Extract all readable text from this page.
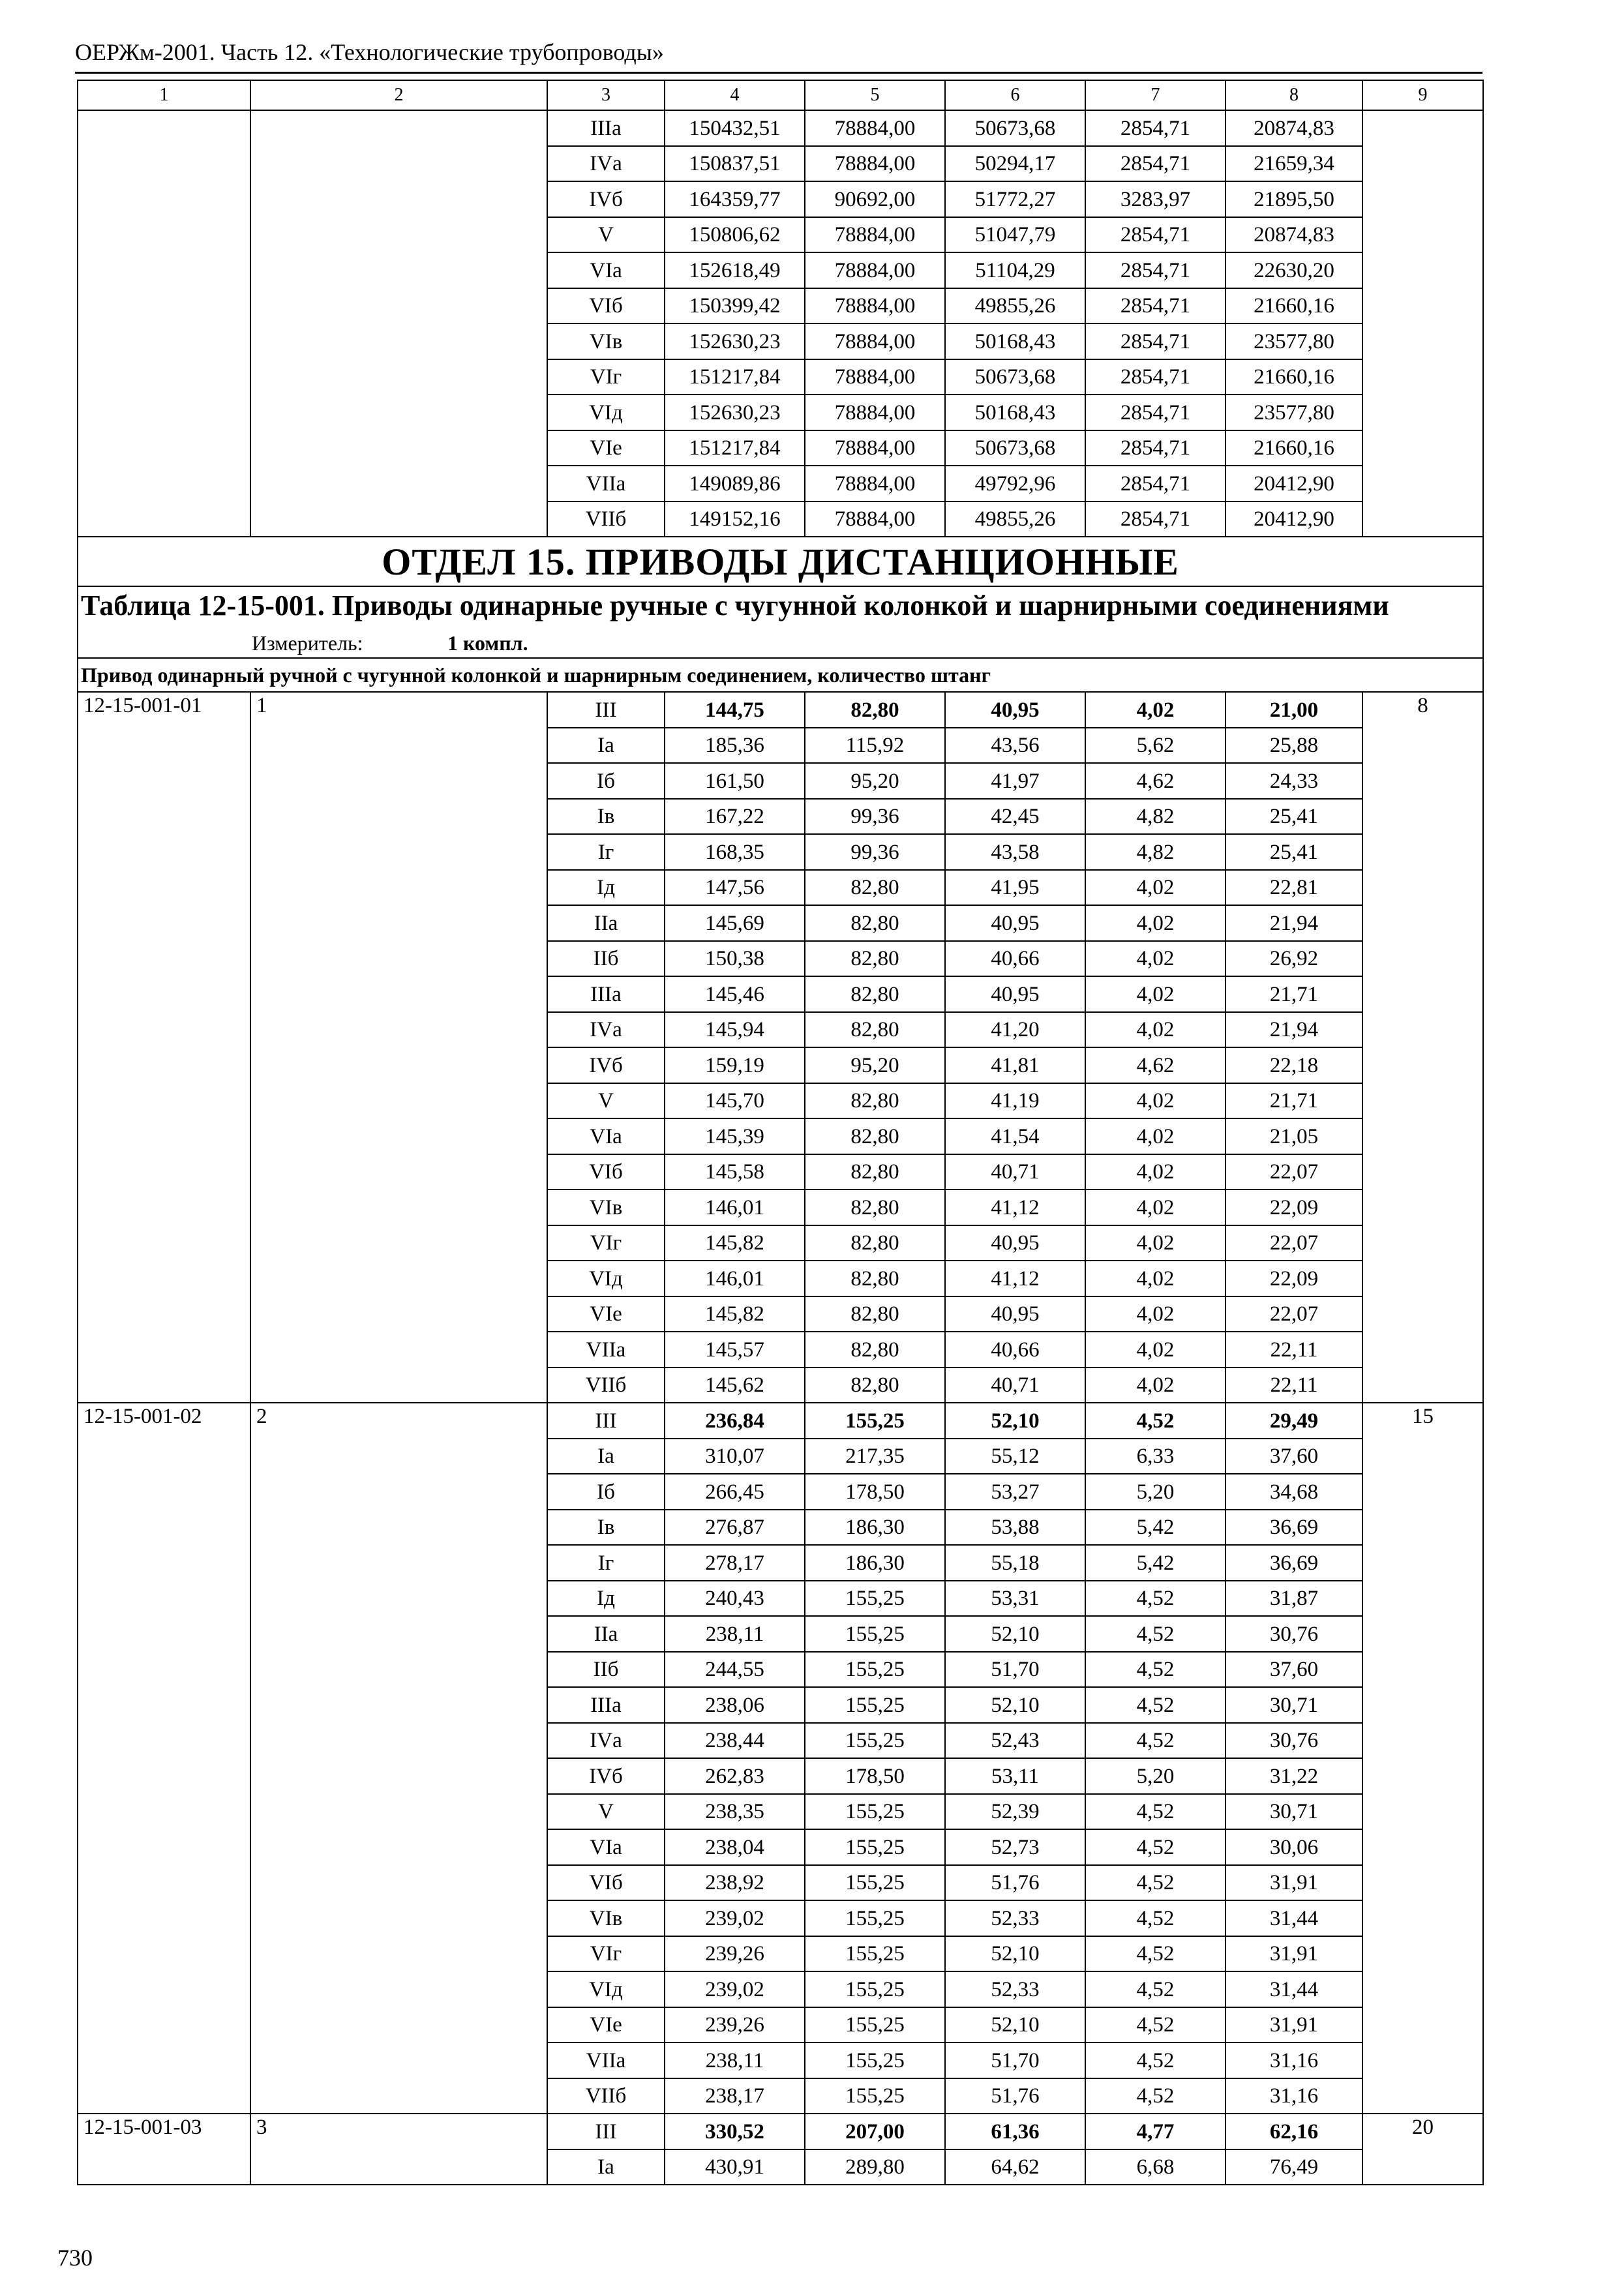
ОЕРЖм-2001. Часть 12. «Технологические трубопроводы»
1	2	3	4	5	6	7	8	9
		IIIа	150432,51	78884,00	50673,68	2854,71	20874,83	
		IVа	150837,51	78884,00	50294,17	2854,71	21659,34	
		IVб	164359,77	90692,00	51772,27	3283,97	21895,50	
		V	150806,62	78884,00	51047,79	2854,71	20874,83	
		VIа	152618,49	78884,00	51104,29	2854,71	22630,20	
		VIб	150399,42	78884,00	49855,26	2854,71	21660,16	
		VIв	152630,23	78884,00	50168,43	2854,71	23577,80	
		VIг	151217,84	78884,00	50673,68	2854,71	21660,16	
		VIд	152630,23	78884,00	50168,43	2854,71	23577,80	
		VIе	151217,84	78884,00	50673,68	2854,71	21660,16	
		VIIа	149089,86	78884,00	49792,96	2854,71	20412,90	
		VIIб	149152,16	78884,00	49855,26	2854,71	20412,90	
ОТДЕЛ 15. ПРИВОДЫ ДИСТАНЦИОННЫЕ								

Таблица 12-15-001. Приводы одинарные ручные с чугунной колонкой и шарнирными соединениями
Измеритель: 1 компл.								

Привод одинарный ручной с чугунной колонкой и шарнирным соединением, количество штанг								
12-15-001-01	1	III	144,75	82,80	40,95	4,02	21,00	8
		Iа	185,36	115,92	43,56	5,62	25,88	
		Iб	161,50	95,20	41,97	4,62	24,33	
		Iв	167,22	99,36	42,45	4,82	25,41	
		Iг	168,35	99,36	43,58	4,82	25,41	
		Iд	147,56	82,80	41,95	4,02	22,81	
		IIа	145,69	82,80	40,95	4,02	21,94	
		IIб	150,38	82,80	40,66	4,02	26,92	
		IIIа	145,46	82,80	40,95	4,02	21,71	
		IVа	145,94	82,80	41,20	4,02	21,94	
		IVб	159,19	95,20	41,81	4,62	22,18	
		V	145,70	82,80	41,19	4,02	21,71	
		VIа	145,39	82,80	41,54	4,02	21,05	
		VIб	145,58	82,80	40,71	4,02	22,07	
		VIв	146,01	82,80	41,12	4,02	22,09	
		VIг	145,82	82,80	40,95	4,02	22,07	
		VIд	146,01	82,80	41,12	4,02	22,09	
		VIе	145,82	82,80	40,95	4,02	22,07	
		VIIа	145,57	82,80	40,66	4,02	22,11	
		VIIб	145,62	82,80	40,71	4,02	22,11	
12-15-001-02	2	III	236,84	155,25	52,10	4,52	29,49	15
		Iа	310,07	217,35	55,12	6,33	37,60	
		Iб	266,45	178,50	53,27	5,20	34,68	
		Iв	276,87	186,30	53,88	5,42	36,69	
		Iг	278,17	186,30	55,18	5,42	36,69	
		Iд	240,43	155,25	53,31	4,52	31,87	
		IIа	238,11	155,25	52,10	4,52	30,76	
		IIб	244,55	155,25	51,70	4,52	37,60	
		IIIа	238,06	155,25	52,10	4,52	30,71	
		IVа	238,44	155,25	52,43	4,52	30,76	
		IVб	262,83	178,50	53,11	5,20	31,22	
		V	238,35	155,25	52,39	4,52	30,71	
		VIа	238,04	155,25	52,73	4,52	30,06	
		VIб	238,92	155,25	51,76	4,52	31,91	
		VIв	239,02	155,25	52,33	4,52	31,44	
		VIг	239,26	155,25	52,10	4,52	31,91	
		VIд	239,02	155,25	52,33	4,52	31,44	
		VIе	239,26	155,25	52,10	4,52	31,91	
		VIIа	238,11	155,25	51,70	4,52	31,16	
		VIIб	238,17	155,25	51,76	4,52	31,16	
12-15-001-03	3	III	330,52	207,00	61,36	4,77	62,16	20
		Iа	430,91	289,80	64,62	6,68	76,49	
730
